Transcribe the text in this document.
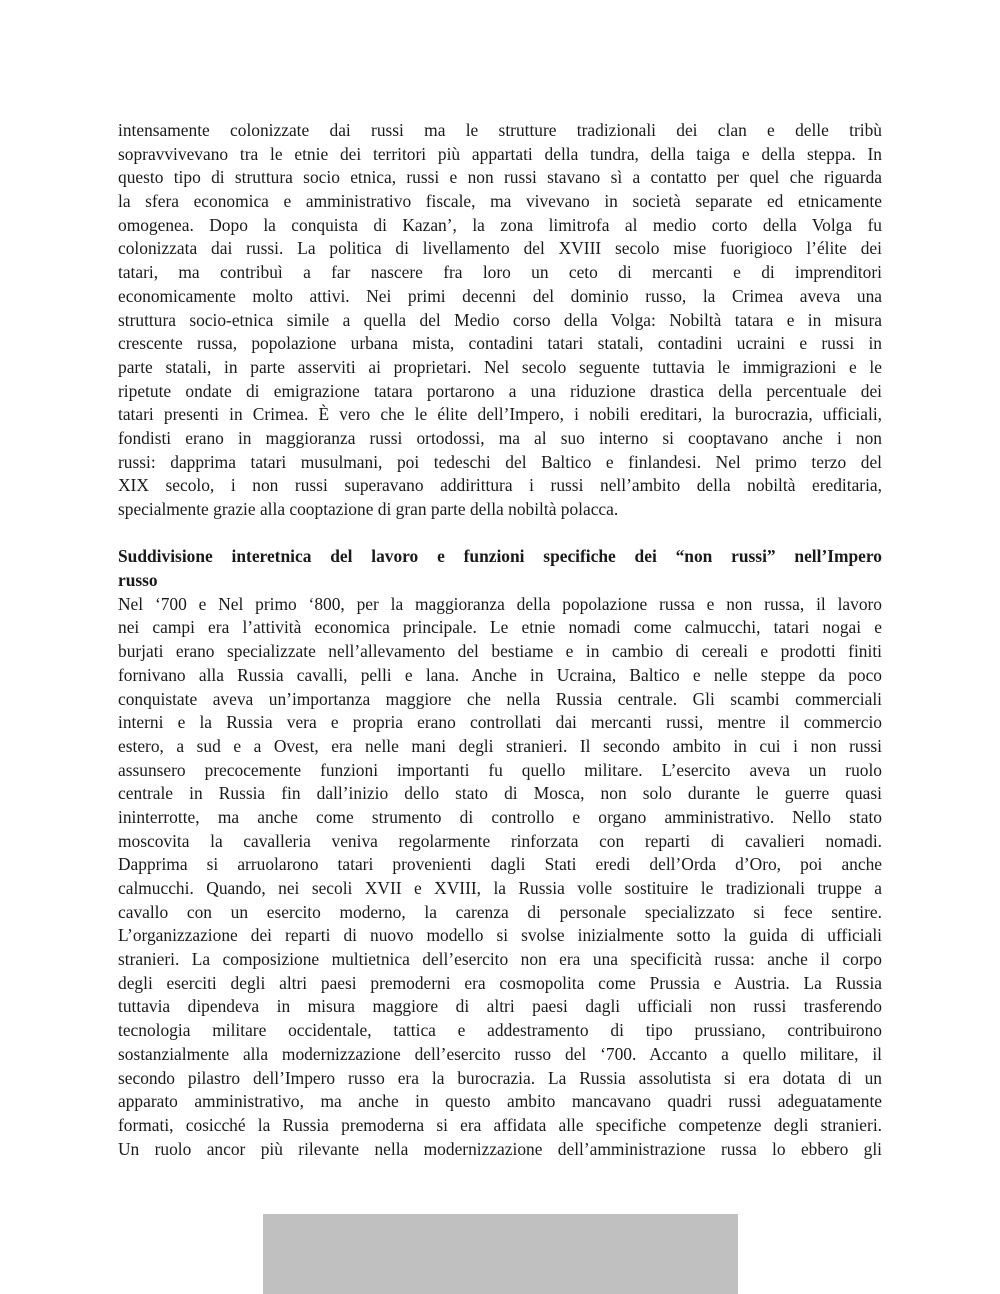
intensamente colonizzate dai russi ma le strutture tradizionali dei clan e delle tribù
sopravvivevano tra le etnie dei territori più appartati della tundra, della taiga e della steppa. In
questo tipo di struttura socio etnica, russi e non russi stavano sì a contatto per quel che riguarda
la sfera economica e amministrativo fiscale, ma vivevano in società separate ed etnicamente
omogenea. Dopo la conquista di Kazan’, la zona limitrofa al medio corto della Volga fu
colonizzata dai russi. La politica di livellamento del XVIII secolo mise fuorigioco l’élite dei
tatari, ma contribuì a far nascere fra loro un ceto di mercanti e di imprenditori
economicamente molto attivi. Nei primi decenni del dominio russo, la Crimea aveva una
struttura socio-etnica simile a quella del Medio corso della Volga: Nobiltà tatara e in misura
crescente russa, popolazione urbana mista, contadini tatari statali, contadini ucraini e russi in
parte statali, in parte asserviti ai proprietari. Nel secolo seguente tuttavia le immigrazioni e le
ripetute ondate di emigrazione tatara portarono a una riduzione drastica della percentuale dei
tatari presenti in Crimea. È vero che le élite dell’Impero, i nobili ereditari, la burocrazia, ufficiali,
fondisti erano in maggioranza russi ortodossi, ma al suo interno si cooptavano anche i non
russi: dapprima tatari musulmani, poi tedeschi del Baltico e finlandesi. Nel primo terzo del
XIX secolo, i non russi superavano addirittura i russi nell’ambito della nobiltà ereditaria,
specialmente grazie alla cooptazione di gran parte della nobiltà polacca.
Suddivisione interetnica del lavoro e funzioni specifiche dei “non russi” nell’Impero
russo
Nel ‘700 e Nel primo ‘800, per la maggioranza della popolazione russa e non russa, il lavoro
nei campi era l’attività economica principale. Le etnie nomadi come calmucchi, tatari nogai e
burjati erano specializzate nell’allevamento del bestiame e in cambio di cereali e prodotti finiti
fornivano alla Russia cavalli, pelli e lana. Anche in Ucraina, Baltico e nelle steppe da poco
conquistate aveva un’importanza maggiore che nella Russia centrale. Gli scambi commerciali
interni e la Russia vera e propria erano controllati dai mercanti russi, mentre il commercio
estero, a sud e a Ovest, era nelle mani degli stranieri. Il secondo ambito in cui i non russi
assunsero precocemente funzioni importanti fu quello militare. L’esercito aveva un ruolo
centrale in Russia fin dall’inizio dello stato di Mosca, non solo durante le guerre quasi
ininterrotte, ma anche come strumento di controllo e organo amministrativo. Nello stato
moscovita la cavalleria veniva regolarmente rinforzata con reparti di cavalieri nomadi.
Dapprima si arruolarono tatari provenienti dagli Stati eredi dell’Orda d’Oro, poi anche
calmucchi. Quando, nei secoli XVII e XVIII, la Russia volle sostituire le tradizionali truppe a
cavallo con un esercito moderno, la carenza di personale specializzato si fece sentire.
L’organizzazione dei reparti di nuovo modello si svolse inizialmente sotto la guida di ufficiali
stranieri. La composizione multietnica dell’esercito non era una specificità russa: anche il corpo
degli eserciti degli altri paesi premoderni era cosmopolita come Prussia e Austria. La Russia
tuttavia dipendeva in misura maggiore di altri paesi dagli ufficiali non russi trasferendo
tecnologia militare occidentale, tattica e addestramento di tipo prussiano, contribuirono
sostanzialmente alla modernizzazione dell’esercito russo del ‘700. Accanto a quello militare, il
secondo pilastro dell’Impero russo era la burocrazia. La Russia assolutista si era dotata di un
apparato amministrativo, ma anche in questo ambito mancavano quadri russi adeguatamente
formati, cosicché la Russia premoderna si era affidata alle specifiche competenze degli stranieri.
Un ruolo ancor più rilevante nella modernizzazione dell’amministrazione russa lo ebbero gli
